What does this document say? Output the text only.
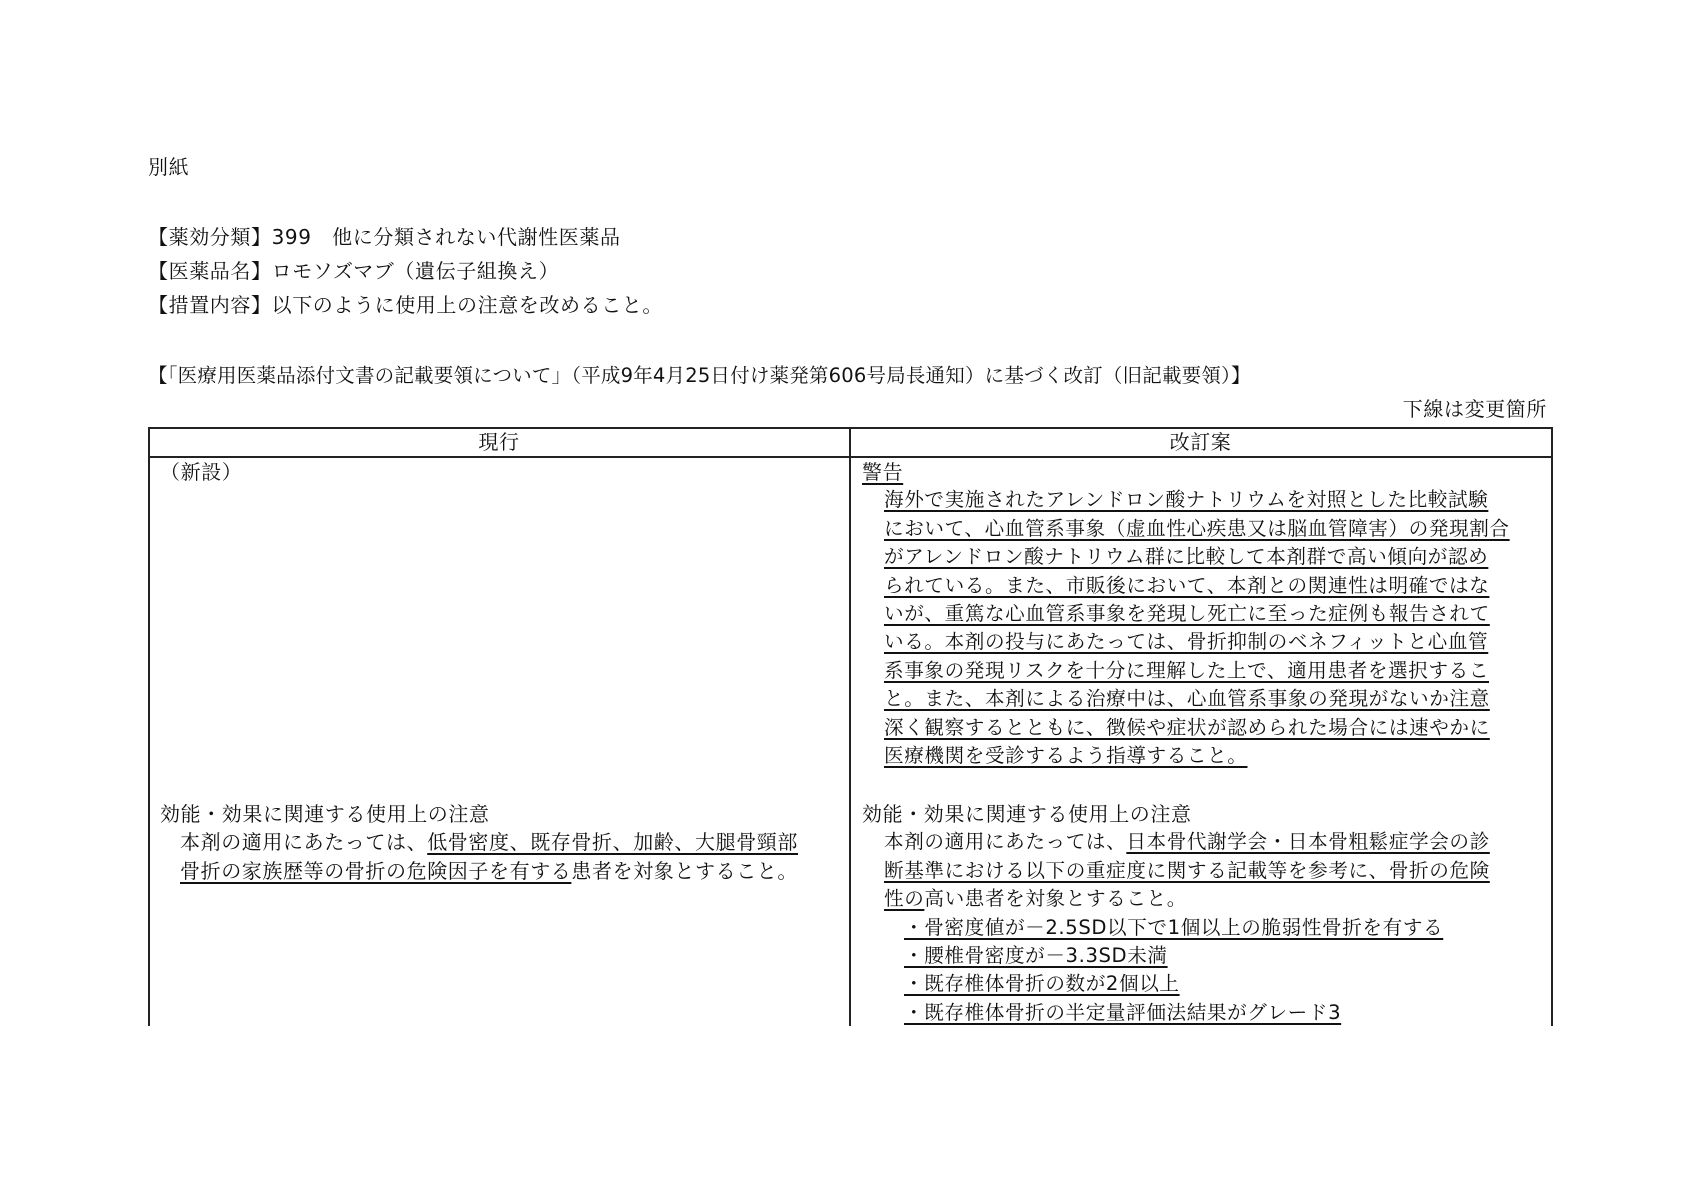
別紙
【薬効分類】399　他に分類されない代謝性医薬品
【医薬品名】ロモソズマブ（遺伝子組換え）
【措置内容】以下のように使用上の注意を改めること。
【「医療用医薬品添付文書の記載要領について」（平成9年4月25日付け薬発第606号局長通知）に基づく改訂（旧記載要領）】
下線は変更箇所
現行	改訂案
（新設）
効能・効果に関連する使用上の注意
本剤の適用にあたっては、低骨密度、既存骨折、加齢、大腿骨頸部
骨折の家族歴等の骨折の危険因子を有する患者を対象とすること。
警告
海外で実施されたアレンドロン酸ナトリウムを対照とした比較試験
において、心血管系事象（虚血性心疾患又は脳血管障害）の発現割合
がアレンドロン酸ナトリウム群に比較して本剤群で高い傾向が認め
られている。また、市販後において、本剤との関連性は明確ではな
いが、重篤な心血管系事象を発現し死亡に至った症例も報告されて
いる。本剤の投与にあたっては、骨折抑制のベネフィットと心血管
系事象の発現リスクを十分に理解した上で、適用患者を選択するこ
と。また、本剤による治療中は、心血管系事象の発現がないか注意
深く観察するとともに、徴候や症状が認められた場合には速やかに
医療機関を受診するよう指導すること。
効能・効果に関連する使用上の注意
本剤の適用にあたっては、日本骨代謝学会・日本骨粗鬆症学会の診
断基準における以下の重症度に関する記載等を参考に、骨折の危険
性の高い患者を対象とすること。
・骨密度値が－2.5SD以下で1個以上の脆弱性骨折を有する
・腰椎骨密度が－3.3SD未満
・既存椎体骨折の数が2個以上
・既存椎体骨折の半定量評価法結果がグレード3
